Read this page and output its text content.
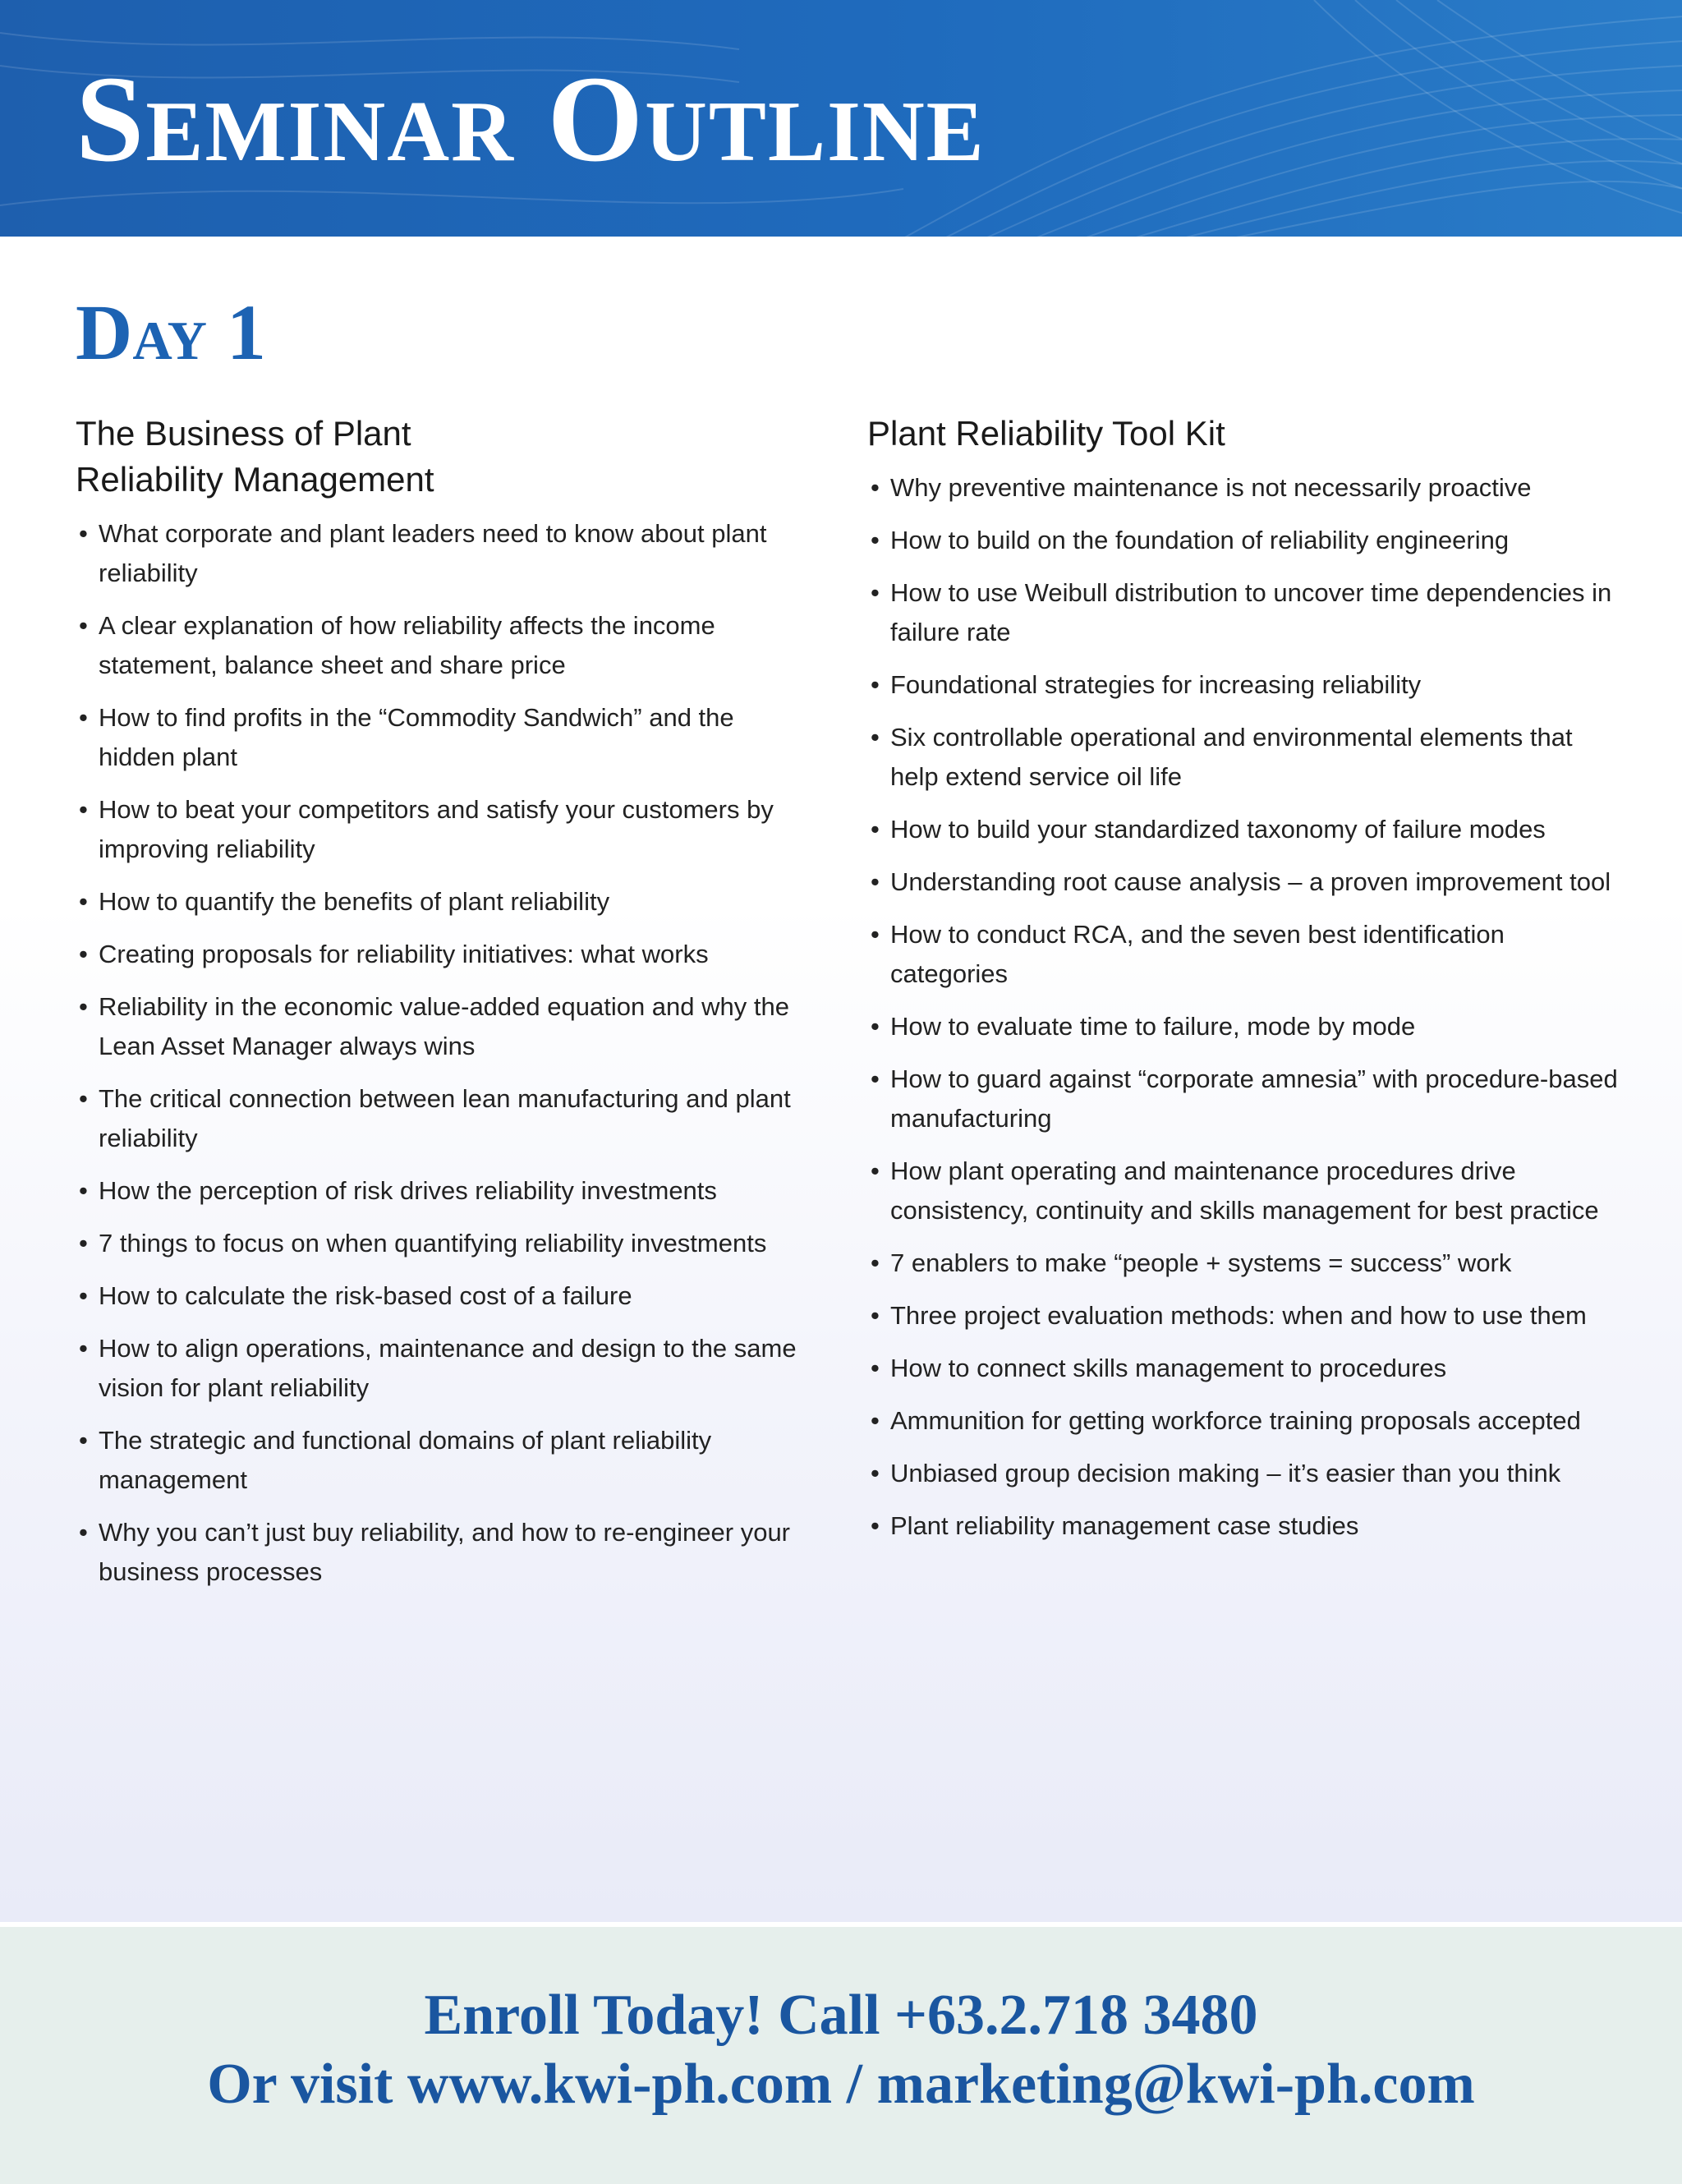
Seminar Outline
Day 1
The Business of Plant
Reliability Management
• What corporate and plant leaders need to know about plant reliability
• A clear explanation of how reliability affects the income statement, balance sheet and share price
• How to find profits in the “Commodity Sandwich” and the hidden plant
• How to beat your competitors and satisfy your customers by improving reliability
• How to quantify the benefits of plant reliability
• Creating proposals for reliability initiatives: what works
• Reliability in the economic value-added equation and why the Lean Asset Manager always wins
• The critical connection between lean manufacturing and plant reliability
• How the perception of risk drives reliability investments
• 7 things to focus on when quantifying reliability investments
• How to calculate the risk-based cost of a failure
• How to align operations, maintenance and design to the same vision for plant reliability
• The strategic and functional domains of plant reliability management
• Why you can’t just buy reliability, and how to re-engineer your business processes
Plant Reliability Tool Kit
• Why preventive maintenance is not necessarily proactive
• How to build on the foundation of reliability engineering
• How to use Weibull distribution to uncover time dependencies in failure rate
• Foundational strategies for increasing reliability
• Six controllable operational and environmental elements that help extend service oil life
• How to build your standardized taxonomy of failure modes
• Understanding root cause analysis – a proven improvement tool
• How to conduct RCA, and the seven best identification categories
• How to evaluate time to failure, mode by mode
• How to guard against “corporate amnesia” with procedure-based manufacturing
• How plant operating and maintenance procedures drive consistency, continuity and skills management for best practice
• 7 enablers to make “people + systems = success” work
• Three project evaluation methods: when and how to use them
• How to connect skills management to procedures
• Ammunition for getting workforce training proposals accepted
• Unbiased group decision making – it’s easier than you think
• Plant reliability management case studies
Enroll Today! Call +63.2.718 3480
Or visit www.kwi-ph.com / marketing@kwi-ph.com
